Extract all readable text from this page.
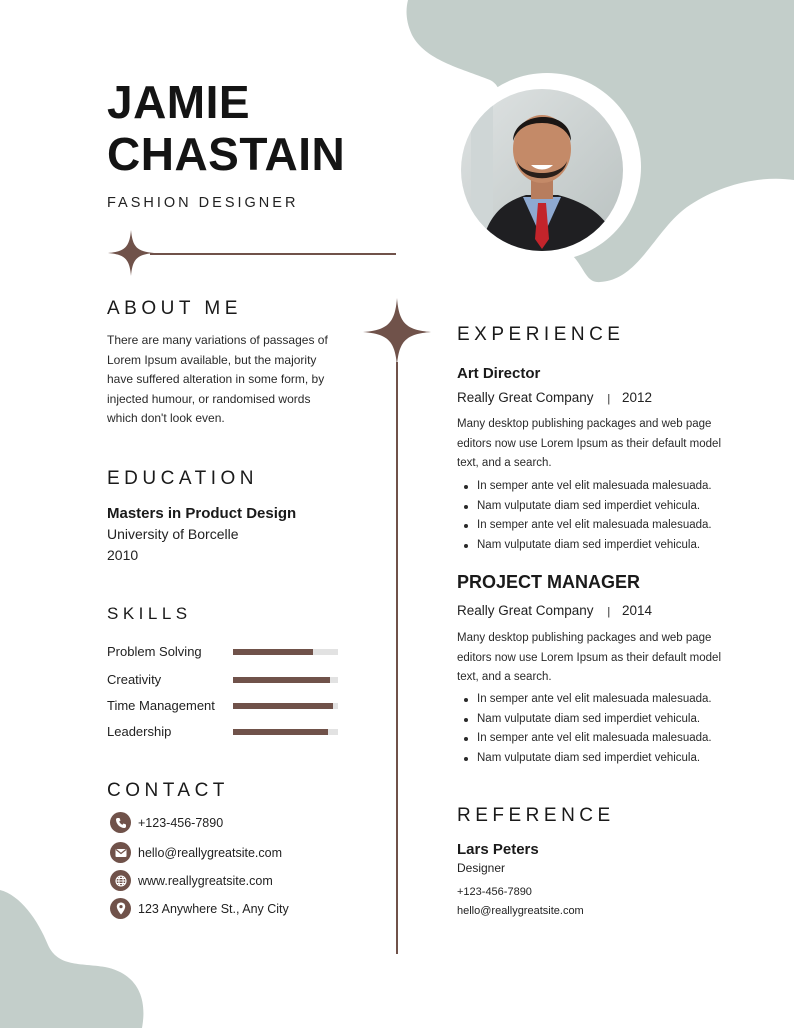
JAMIE
CHASTAIN
FASHION DESIGNER
ABOUT ME
There are many variations of passages of Lorem Ipsum available, but the majority have suffered alteration in some form, by injected humour, or randomised words which don't look even.
EDUCATION
Masters in Product Design
University of Borcelle
2010
SKILLS
Problem Solving
Creativity
Time Management
Leadership
CONTACT
+123-456-7890
hello@reallygreatsite.com
www.reallygreatsite.com
123 Anywhere St., Any City
EXPERIENCE
Art Director
Really Great Company | 2012
Many desktop publishing packages and web page editors now use Lorem Ipsum as their default model text, and a search.
In semper ante vel elit malesuada malesuada.
Nam vulputate diam sed imperdiet vehicula.
In semper ante vel elit malesuada malesuada.
Nam vulputate diam sed imperdiet vehicula.
PROJECT MANAGER
Really Great Company | 2014
Many desktop publishing packages and web page editors now use Lorem Ipsum as their default model text, and a search.
In semper ante vel elit malesuada malesuada.
Nam vulputate diam sed imperdiet vehicula.
In semper ante vel elit malesuada malesuada.
Nam vulputate diam sed imperdiet vehicula.
REFERENCE
Lars Peters
Designer
+123-456-7890
hello@reallygreatsite.com
